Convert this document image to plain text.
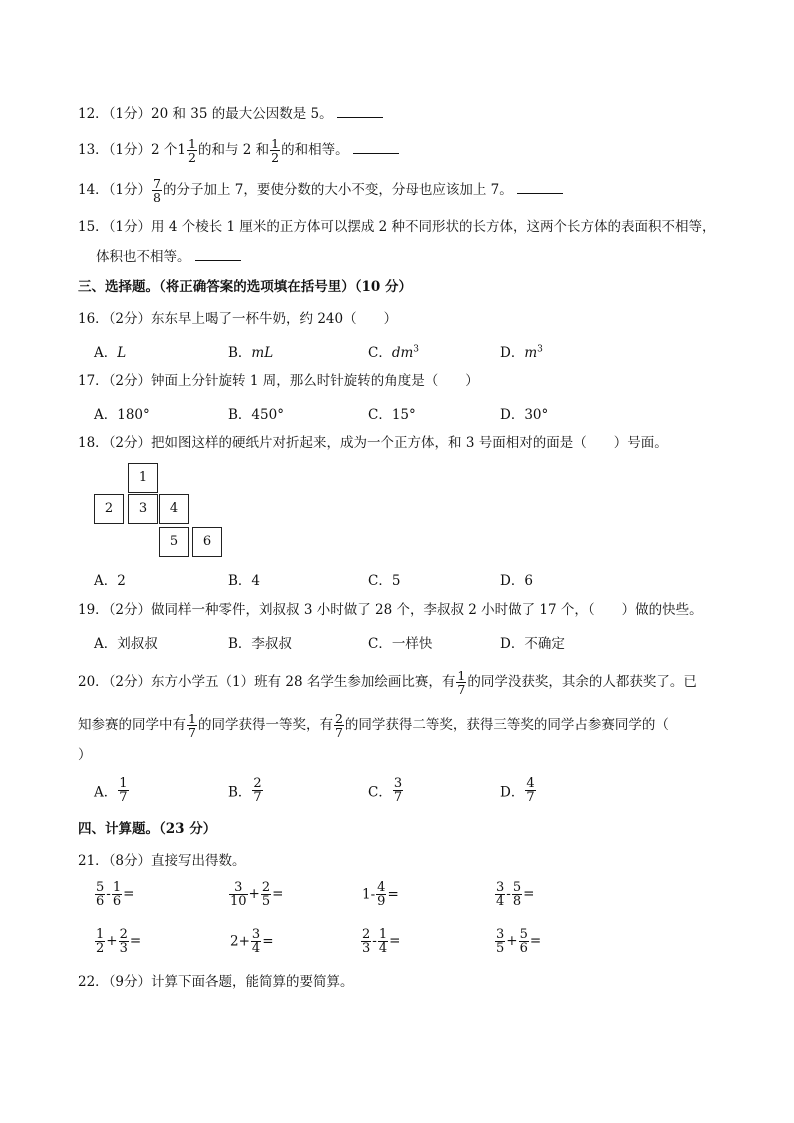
12．（1分）20 和 35 的最大公因数是 5。
13．（1分）2 个$1 \frac{1}{2}$ 的和与 2 和 $\frac{1}{2}$ 的和相等。
14．（1分） $\frac{7}{8}$ 的分子加上 7，要使分数的大小不变，分母也应该加上 7。
15．（1分）用 4 个棱长 1 厘米的正方体可以摆成 2 种不同形状的长方体，这两个长方体的表面积不相等，
体积也不相等。
三、选择题。（将正确答案的选项填在括号里）（10 分）
16．（2分）东东早上喝了一杯牛奶，约 240（　　）
A．L	B．mL	C．$dm^3$	D．$m^3$
17．（2分）钟面上分针旋转 1 周，那么时针旋转的角度是（　　）
A．180°	B．450°	C．15°	D．30°
18．（2分）把如图这样的硬纸片对折起来，成为一个正方体，和 3 号面相对的面是（　　）号面。
1
2	3	4
5	6
A．2	B．4	C．5	D．6
19．（2分）做同样一种零件，刘叔叔 3 小时做了 28 个，李叔叔 2 小时做了 17 个，（　　）做的快些。
A．刘叔叔	B．李叔叔	C．一样快	D．不确定
20．（2分）东方小学五（1）班有 28 名学生参加绘画比赛，有 $\frac{1}{7}$ 的同学没获奖，其余的人都获奖了。已
知参赛的同学中有 $\frac{1}{7}$ 的同学获得一等奖，有 $\frac{2}{7}$ 的同学获得二等奖，获得三等奖的同学占参赛同学的（
）
A． $\frac{1}{7}$	B． $\frac{2}{7}$	C． $\frac{3}{7}$	D． $\frac{4}{7}$
四、计算题。（23 分）
21．（8分）直接写出得数。
$\frac{5}{6} - \frac{1}{6}$ =	$\frac{3}{10} + \frac{2}{5}$ =	$1- \frac{4}{9}$ =	$\frac{3}{4} - \frac{5}{8}$ =
$\frac{1}{2} + \frac{2}{3}$ =	$2+ \frac{3}{4}$ =	$\frac{2}{3} - \frac{1}{4}$ =	$\frac{3}{5} + \frac{5}{6}$ =
22．（9分）计算下面各题，能简算的要简算。
